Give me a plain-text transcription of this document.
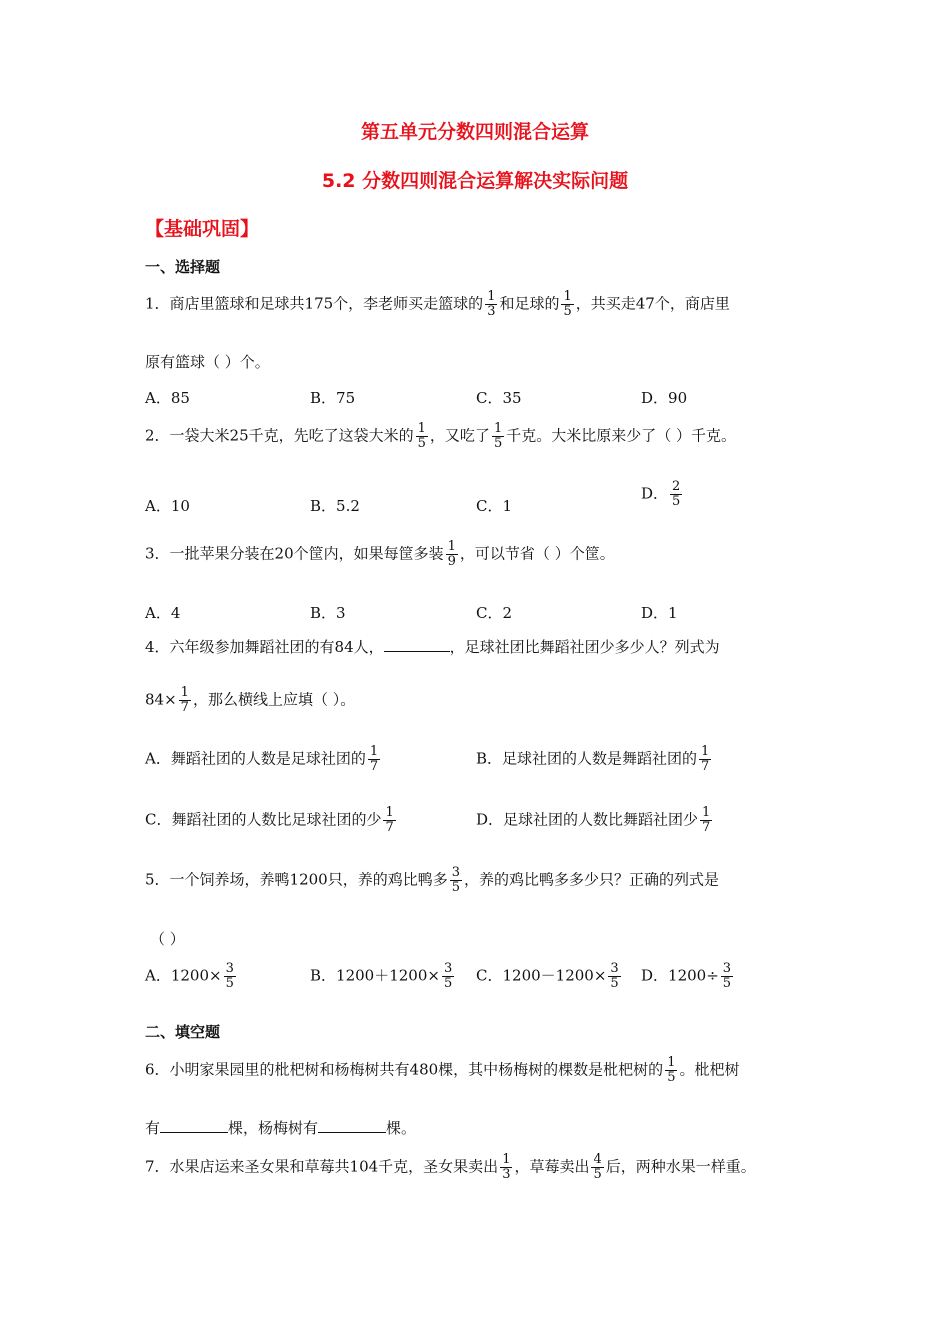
第五单元分数四则混合运算
5.2 分数四则混合运算解决实际问题
【基础巩固】
一、选择题
1．商店里篮球和足球共175个，李老师买走篮球的 $\frac{1}{3}$ 和足球的 $\frac{1}{5}$ ，共买走47个，商店里
原有篮球（ ）个。
A．85	B．75	C．35	D．90
2．一袋大米25千克，先吃了这袋大米的 $\frac{1}{5}$ ，又吃了 $\frac{1}{5}$ 千克。大米比原来少了（ ）千克。
A．10	B．5.2	C．1
D． $\frac{2}{5}$
3．一批苹果分装在20个筐内，如果每筐多装 $\frac{1}{9}$ ，可以节省（ ）个筐。
A．4	B．3	C．2	D．1
4．六年级参加舞蹈社团的有84人，	，足球社团比舞蹈社团少多少人？列式为
$84\times \frac{1}{7}$ ，那么横线上应填（ ）。
A．舞蹈社团的人数是足球社团的 $\frac{1}{7}$	B．足球社团的人数是舞蹈社团的 $\frac{1}{7}$
C．舞蹈社团的人数比足球社团的少 $\frac{1}{7}$	D．足球社团的人数比舞蹈社团少 $\frac{1}{7}$
5．一个饲养场，养鸭1200只，养的鸡比鸭多 $\frac{3}{5}$ ，养的鸡比鸭多多少只？正确的列式是
（ ）
A．$1200\times \frac{3}{5}$	B．$1200+1200\times \frac{3}{5}$ C．$1200-1200\times \frac{3}{5}$ D．$1200\div \frac{3}{5}$
二、填空题
6．小明家果园里的枇杷树和杨梅树共有480棵，其中杨梅树的棵数是枇杷树的 $\frac{1}{5}$ 。枇杷树
有	棵，杨梅树有	棵。
7．水果店运来圣女果和草莓共104千克，圣女果卖出 $\frac{1}{3}$ ，草莓卖出 $\frac{4}{5}$ 后，两种水果一样重。
